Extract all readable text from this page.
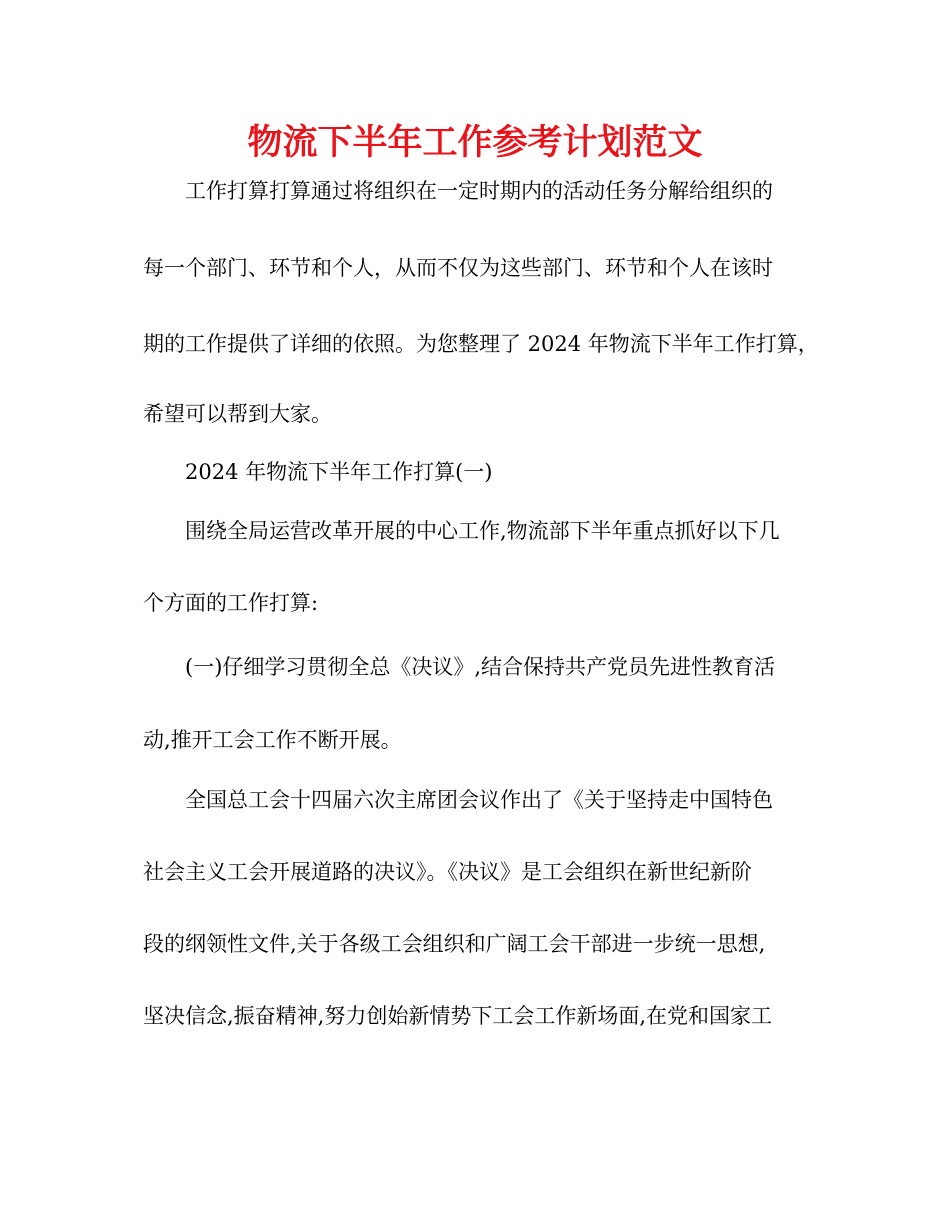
物流下半年工作参考计划范文

工作打算打算通过将组织在一定时期内的活动任务分解给组织的

每一个部门、环节和个人，从而不仅为这些部门、环节和个人在该时

期的工作提供了详细的依照。为您整理了 2024 年物流下半年工作打算，

希望可以帮到大家。

2024 年物流下半年工作打算(一)

围绕全局运营改革开展的中心工作,物流部下半年重点抓好以下几

个方面的工作打算:

(一)仔细学习贯彻全总《决议》,结合保持共产党员先进性教育活

动,推开工会工作不断开展。

全国总工会十四届六次主席团会议作出了《关于坚持走中国特色

社会主义工会开展道路的决议》。《决议》是工会组织在新世纪新阶

段的纲领性文件,关于各级工会组织和广阔工会干部进一步统一思想,

坚决信念,振奋精神,努力创始新情势下工会工作新场面,在党和国家工
